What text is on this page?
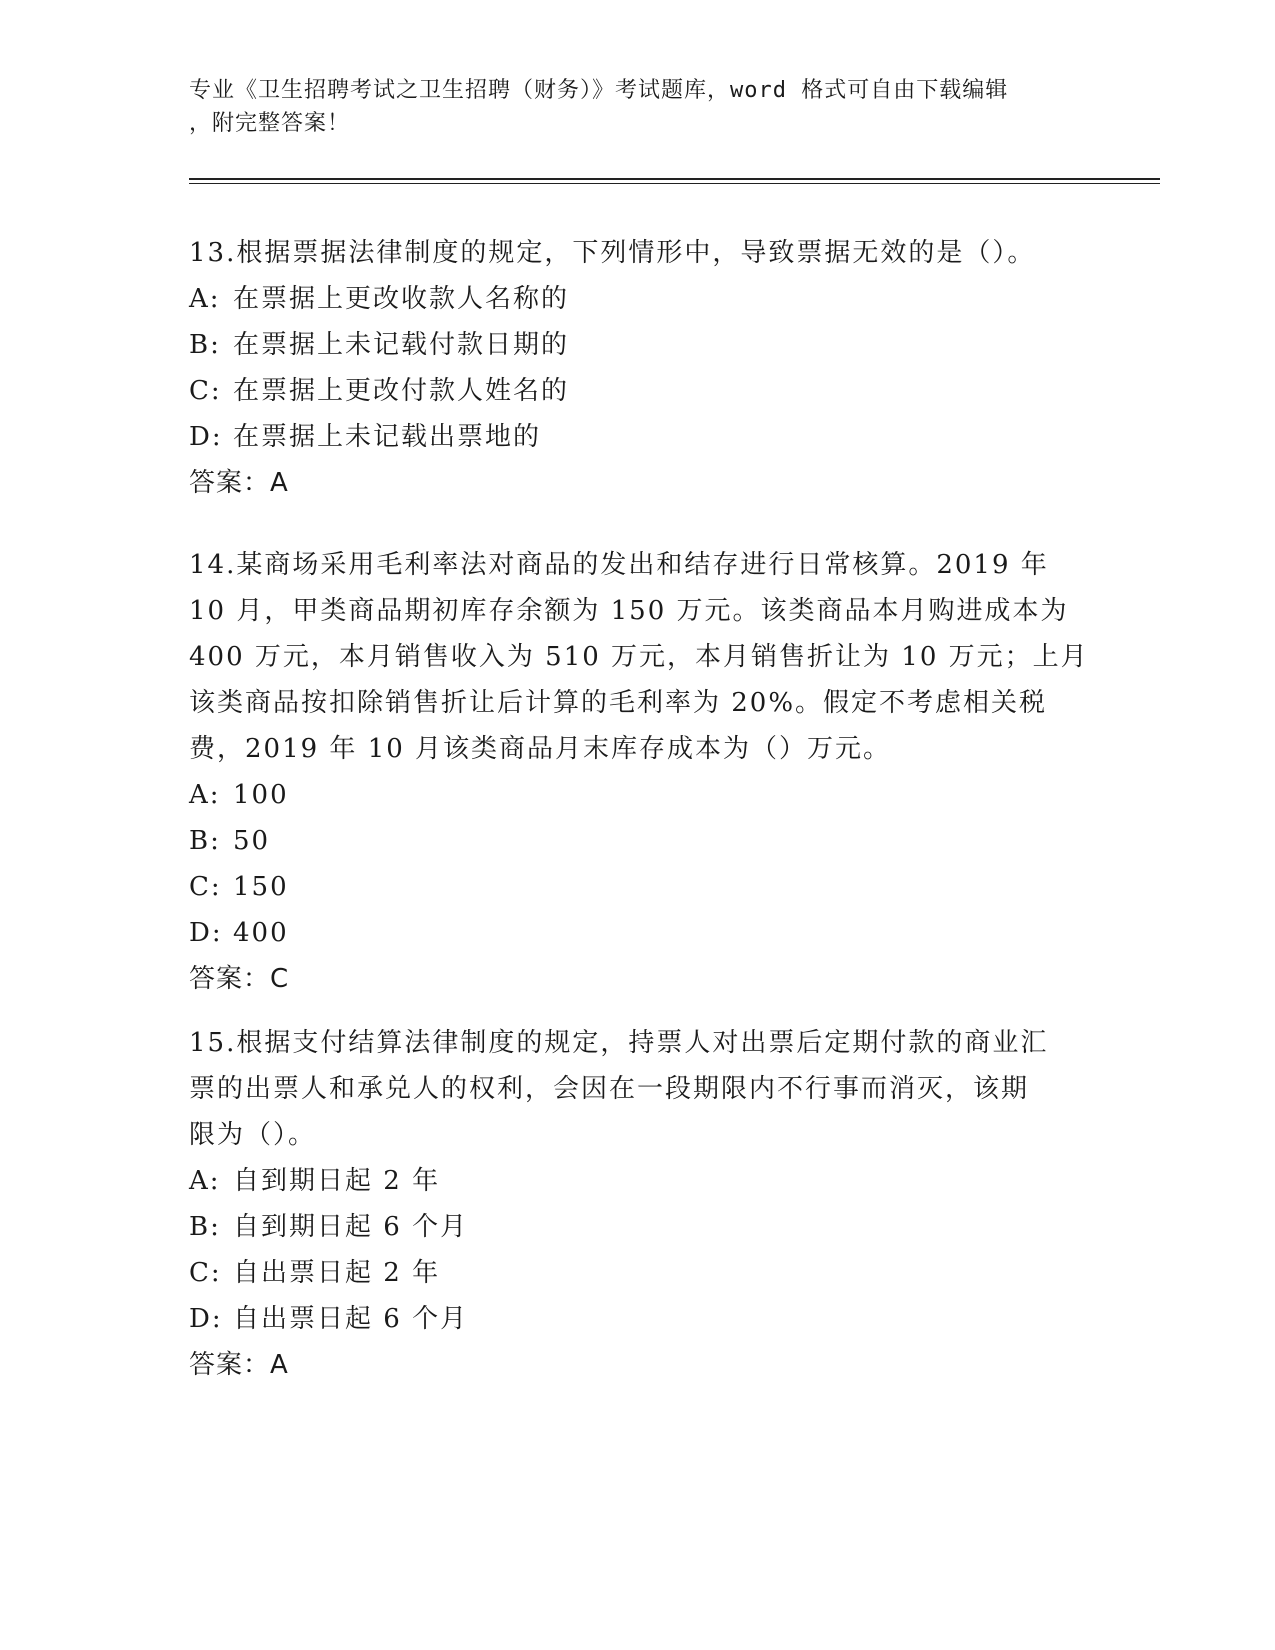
专业《卫生招聘考试之卫生招聘（财务）》考试题库，word 格式可自由下载编辑
，附完整答案！

13.根据票据法律制度的规定，下列情形中，导致票据无效的是（）。

A: 在票据上更改收款人名称的

B: 在票据上未记载付款日期的

C: 在票据上更改付款人姓名的

D: 在票据上未记载出票地的

答案：A

14.某商场采用毛利率法对商品的发出和结存进行日常核算。2019 年

10 月，甲类商品期初库存余额为 150 万元。该类商品本月购进成本为

400 万元，本月销售收入为 510 万元，本月销售折让为 10 万元；上月

该类商品按扣除销售折让后计算的毛利率为 20%。假定不考虑相关税

费，2019 年 10 月该类商品月末库存成本为（）万元。

A: 100

B: 50

C: 150

D: 400

答案：C

15.根据支付结算法律制度的规定，持票人对出票后定期付款的商业汇

票的出票人和承兑人的权利，会因在一段期限内不行事而消灭，该期

限为（）。

A: 自到期日起 2 年

B: 自到期日起 6 个月

C: 自出票日起 2 年

D: 自出票日起 6 个月

答案：A
